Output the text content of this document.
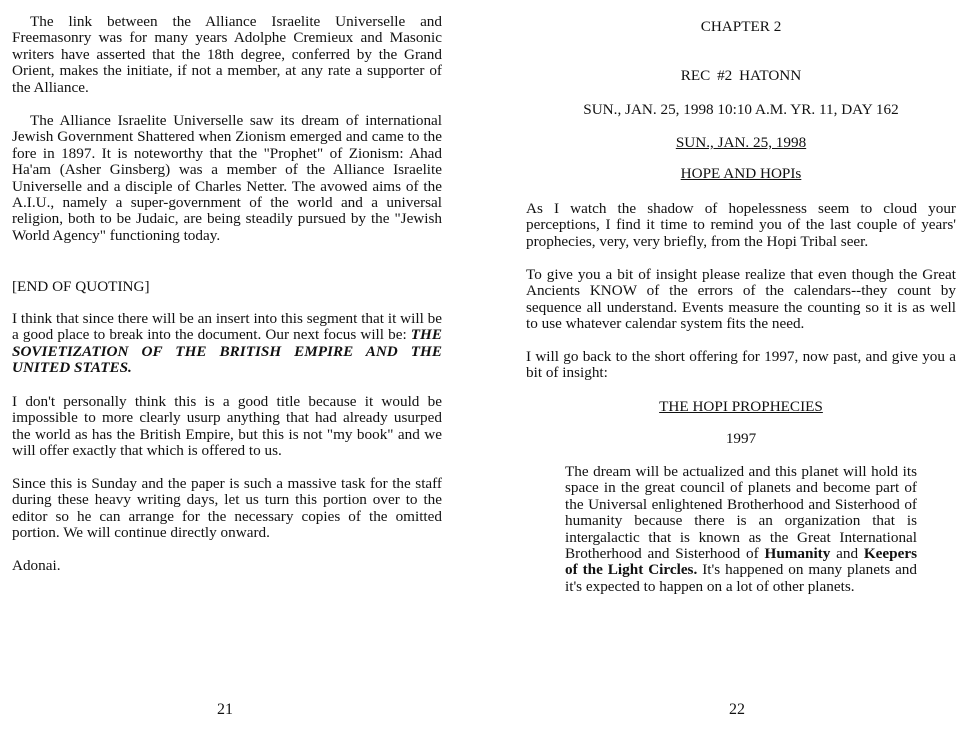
The link between the Alliance Israelite Universelle and Freemasonry was for many years Adolphe Cremieux and Masonic writers have asserted that the 18th degree, conferred by the Grand Orient, makes the initiate, if not a member, at any rate a supporter of the Alliance.

The Alliance Israelite Universelle saw its dream of international Jewish Government Shattered when Zionism emerged and came to the fore in 1897. It is noteworthy that the "Prophet" of Zionism: Ahad Ha'am (Asher Ginsberg) was a member of the Alliance Israelite Universelle and a disciple of Charles Netter. The avowed aims of the A.I.U., namely a super-government of the world and a universal religion, both to be Judaic, are being steadily pursued by the "Jewish World Agency" functioning today.

[END OF QUOTING]

I think that since there will be an insert into this segment that it will be a good place to break into the document. Our next focus will be: THE SOVIETIZATION OF THE BRITISH EMPIRE AND THE UNITED STATES.

I don't personally think this is a good title because it would be impossible to more clearly usurp anything that had already usurped the world as has the British Empire, but this is not "my book" and we will offer exactly that which is offered to us.

Since this is Sunday and the paper is such a massive task for the staff during these heavy writing days, let us turn this portion over to the editor so he can arrange for the necessary copies of the omitted portion. We will continue directly onward.

Adonai.

21
CHAPTER 2
REC #2 HATONN
SUN., JAN. 25, 1998 10:10 A.M. YR. 11, DAY 162
SUN., JAN. 25, 1998
HOPE AND HOPIs

As I watch the shadow of hopelessness seem to cloud your perceptions, I find it time to remind you of the last couple of years' prophecies, very, very briefly, from the Hopi Tribal seer.

To give you a bit of insight please realize that even though the Great Ancients KNOW of the errors of the calendars--they count by sequence all understand. Events measure the counting so it is as well to use whatever calendar system fits the need.

I will go back to the short offering for 1997, now past, and give you a bit of insight:

THE HOPI PROPHECIES
1997

The dream will be actualized and this planet will hold its space in the great council of planets and become part of the Universal enlightened Brotherhood and Sisterhood of humanity because there is an organization that is intergalactic that is known as the Great International Brotherhood and Sisterhood of Humanity and Keepers of the Light Circles. It's happened on many planets and it's expected to happen on a lot of other planets.

22
